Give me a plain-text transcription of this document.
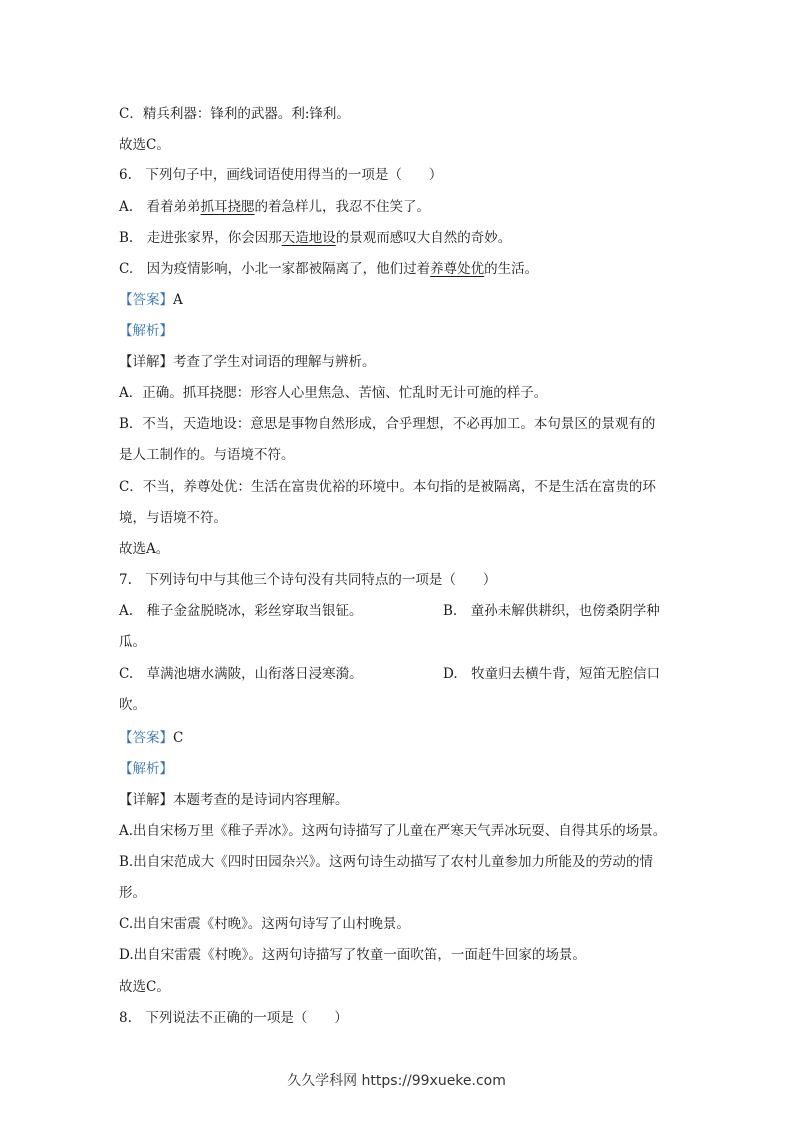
C．精兵利器：锋利的武器。利:锋利。
故选C。
6.　下列句子中，画线词语使用得当的一项是（　　）
A.　看着弟弟抓耳挠腮的着急样儿，我忍不住笑了。
B.　走进张家界，你会因那天造地设的景观而感叹大自然的奇妙。
C.　因为疫情影响，小北一家都被隔离了，他们过着养尊处优的生活。
【答案】A
【解析】
【详解】考查了学生对词语的理解与辨析。
A．正确。抓耳挠腮：形容人心里焦急、苦恼、忙乱时无计可施的样子。
B．不当，天造地设：意思是事物自然形成，合乎理想，不必再加工。本句景区的景观有的
是人工制作的。与语境不符。
C．不当，养尊处优：生活在富贵优裕的环境中。本句指的是被隔离，不是生活在富贵的环
境，与语境不符。
故选A。
7.　下列诗句中与其他三个诗句没有共同特点的一项是（　　）
A.　稚子金盆脱晓冰，彩丝穿取当银钲。	B.　童孙未解供耕织，也傍桑阴学种
瓜。
C.　草满池塘水满陂，山衔落日浸寒漪。	D.　牧童归去横牛背，短笛无腔信口
吹。
【答案】C
【解析】
【详解】本题考查的是诗词内容理解。
A.出自宋杨万里《稚子弄冰》。这两句诗描写了儿童在严寒天气弄冰玩耍、自得其乐的场景。
B.出自宋范成大《四时田园杂兴》。这两句诗生动描写了农村儿童参加力所能及的劳动的情
形。
C.出自宋雷震《村晚》。这两句诗写了山村晚景。
D.出自宋雷震《村晚》。这两句诗描写了牧童一面吹笛，一面赶牛回家的场景。
故选C。
8.　下列说法不正确的一项是（　　）
久久学科网 https://99xueke.com
